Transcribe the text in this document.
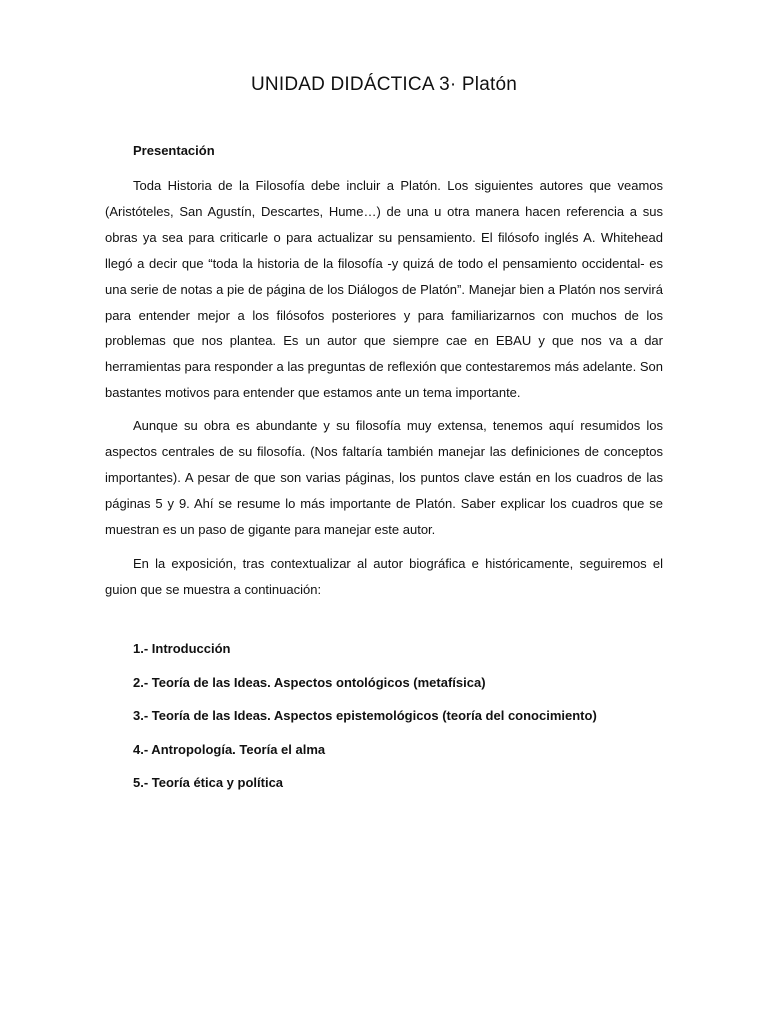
UNIDAD DIDÁCTICA 3· Platón
Presentación

Toda Historia de la Filosofía debe incluir a Platón. Los siguientes autores que veamos (Aristóteles, San Agustín, Descartes, Hume…) de una u otra manera hacen referencia a sus obras ya sea para criticarle o para actualizar su pensamiento. El filósofo inglés A. Whitehead llegó a decir que “toda la historia de la filosofía -y quizá de todo el pensamiento occidental- es una serie de notas a pie de página de los Diálogos de Platón”. Manejar bien a Platón nos servirá para entender mejor a los filósofos posteriores y para familiarizarnos con muchos de los problemas que nos plantea. Es un autor que siempre cae en EBAU y que nos va a dar herramientas para responder a las preguntas de reflexión que contestaremos más adelante. Son bastantes motivos para entender que estamos ante un tema importante.

Aunque su obra es abundante y su filosofía muy extensa, tenemos aquí resumidos los aspectos centrales de su filosofía. (Nos faltaría también manejar las definiciones de conceptos importantes). A pesar de que son varias páginas, los puntos clave están en los cuadros de las páginas 5 y 9. Ahí se resume lo más importante de Platón. Saber explicar los cuadros que se muestran es un paso de gigante para manejar este autor.

En la exposición, tras contextualizar al autor biográfica e históricamente, seguiremos el guion que se muestra a continuación:

1.- Introducción
2.- Teoría de las Ideas. Aspectos ontológicos (metafísica)
3.- Teoría de las Ideas. Aspectos epistemológicos (teoría del conocimiento)
4.- Antropología. Teoría el alma
5.- Teoría ética y política
